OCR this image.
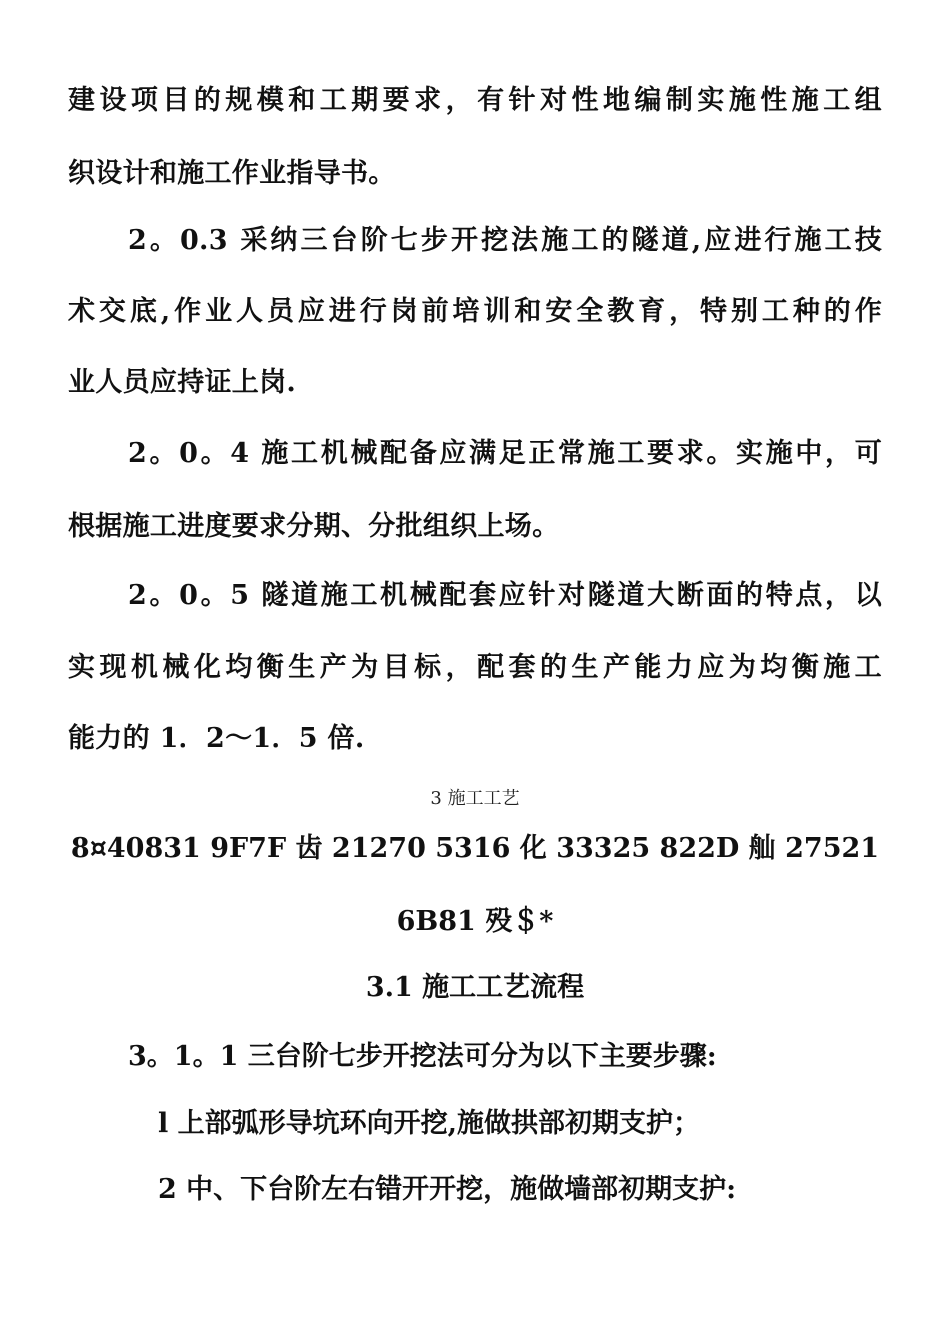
建设项目的规模和工期要求，有针对性地编制实施性施工组
织设计和施工作业指导书。
2。0.3 采纳三台阶七步开挖法施工的隧道,应进行施工技
术交底,作业人员应进行岗前培训和安全教育，特别工种的作
业人员应持证上岗.
2。0。4 施工机械配备应满足正常施工要求。实施中，可
根据施工进度要求分期、分批组织上场。
2。0。5 隧道施工机械配套应针对隧道大断面的特点，以
实现机械化均衡生产为目标，配套的生产能力应为均衡施工
能力的 1．2～1．5 倍.
3 施工工艺
8¤40831 9F7F 齿 21270 5316 化 33325 822D 舢 27521
6B81 殁＄*
3.1 施工工艺流程
3。1。1 三台阶七步开挖法可分为以下主要步骤:
l 上部弧形导坑环向开挖,施做拱部初期支护；
2 中、下台阶左右错开开挖，施做墙部初期支护:
